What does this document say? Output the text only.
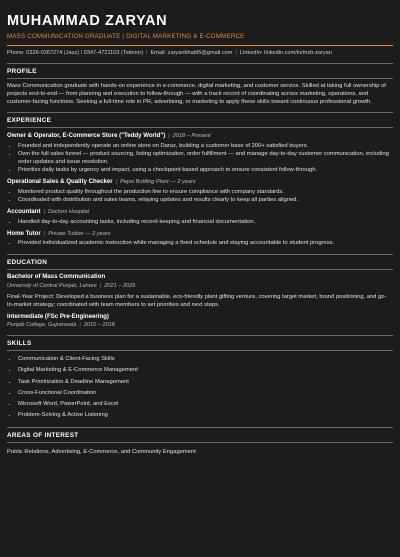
MUHAMMAD ZARYAN
MASS COMMUNICATION GRADUATE | DIGITAL MARKETING & E-COMMERCE
Phone: 0326-0267274 (Jazz) / 0347-4721103 (Telenor) | Email: zaryanbhatti5@gmail.com | LinkedIn: linkedin.com/in/mzb-zaryan
PROFILE
Mass Communication graduate with hands-on experience in e-commerce, digital marketing, and customer service. Skilled at taking full ownership of projects end-to-end — from planning and execution to follow-through — with a track record of coordinating across marketing, operations, and customer-facing functions. Seeking a full-time role in PR, advertising, or marketing to apply these skills toward continuous professional growth.
EXPERIENCE
Owner & Operator, E-Commerce Store ("Teddy World") | 2018 – Present
• Founded and independently operate an online store on Daraz, building a customer base of 200+ satisfied buyers.
• Own the full sales funnel — product sourcing, listing optimization, order fulfillment — and manage day-to-day customer communication, including order updates and issue resolution.
• Prioritize daily tasks by urgency and impact, using a checkpoint-based approach to ensure consistent follow-through.
Operational Sales & Quality Checker | Pepsi Bottling Plant — 2 years
• Monitored product quality throughout the production line to ensure compliance with company standards.
• Coordinated with distribution and sales teams, relaying updates and results clearly to keep all parties aligned.
Accountant | Doctors Hospital
• Handled day-to-day accounting tasks, including record-keeping and financial documentation.
Home Tutor | Private Tuition — 2 years
• Provided individualized academic instruction while managing a fixed schedule and staying accountable to student progress.
EDUCATION
Bachelor of Mass Communication
University of Central Punjab, Lahore | 2021 – 2025
Final-Year Project: Developed a business plan for a sustainable, eco-friendly plant gifting venture, covering target market, brand positioning, and go-to-market strategy; coordinated with team members to set priorities and next steps.
Intermediate (FSc Pre-Engineering)
Punjab College, Gujranwala | 2016 – 2018
SKILLS
• Communication & Client-Facing Skills
• Digital Marketing & E-Commerce Management
• Task Prioritization & Deadline Management
• Cross-Functional Coordination
• Microsoft Word, PowerPoint, and Excel
• Problem-Solving & Active Listening
AREAS OF INTEREST
Public Relations, Advertising, E-Commerce, and Community Engagement
